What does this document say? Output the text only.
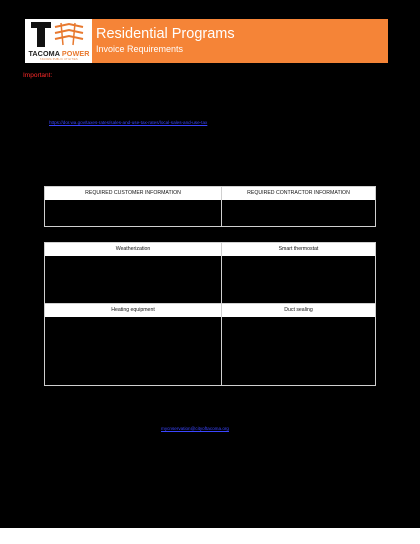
TACOMA POWER
TACOMA PUBLIC UTILITIES
Residential Programs
Invoice Requirements
Important:
https://dor.wa.gov/taxes-rates/sales-and-use-tax-rates/local-sales-and-use-tax
REQUIRED CUSTOMER INFORMATION	REQUIRED CONTRACTOR INFORMATION
Weatherization	Smart thermostat
Heating equipment	Duct sealing
mycnservation@cityoftacoma.org
